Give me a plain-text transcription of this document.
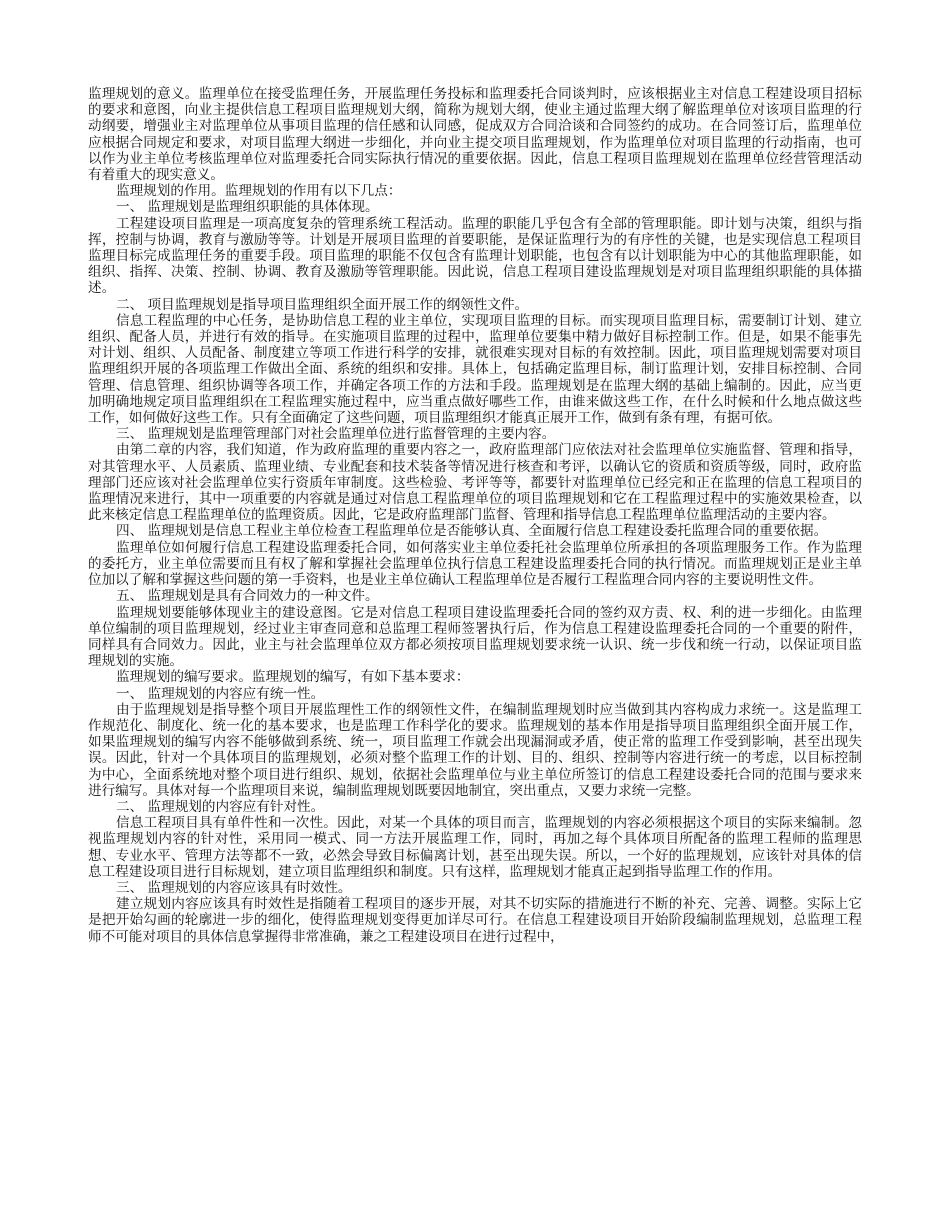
监理规划的意义。监理单位在接受监理任务，开展监理任务投标和监理委托合同谈判时，应该根据业主对信息工程建设项目招标的要求和意图，向业主提供信息工程项目监理规划大纲，简称为规划大纲，使业主通过监理大纲了解监理单位对该项目监理的行动纲要，增强业主对监理单位从事项目监理的信任感和认同感，促成双方合同洽谈和合同签约的成功。在合同签订后，监理单位应根据合同规定和要求，对项目监理大纲进一步细化，并向业主提交项目监理规划，作为监理单位对项目监理的行动指南，也可以作为业主单位考核监理单位对监理委托合同实际执行情况的重要依据。因此，信息工程项目监理规划在监理单位经营管理活动有着重大的现实意义。

监理规划的作用。监理规划的作用有以下几点：

一、 监理规划是监理组织职能的具体体现。

工程建设项目监理是一项高度复杂的管理系统工程活动。监理的职能几乎包含有全部的管理职能。即计划与决策，组织与指挥，控制与协调，教育与激励等等。计划是开展项目监理的首要职能，是保证监理行为的有序性的关键，也是实现信息工程项目监理目标完成监理任务的重要手段。项目监理的职能不仅包含有监理计划职能，也包含有以计划职能为中心的其他监理职能，如组织、指挥、决策、控制、协调、教育及激励等管理职能。因此说，信息工程项目建设监理规划是对项目监理组织职能的具体描述。

二、 项目监理规划是指导项目监理组织全面开展工作的纲领性文件。

信息工程监理的中心任务，是协助信息工程的业主单位，实现项目监理的目标。而实现项目监理目标，需要制订计划、建立组织、配备人员，并进行有效的指导。在实施项目监理的过程中，监理单位要集中精力做好目标控制工作。但是，如果不能事先对计划、组织、人员配备、制度建立等项工作进行科学的安排，就很难实现对目标的有效控制。因此，项目监理规划需要对项目监理组织开展的各项监理工作做出全面、系统的组织和安排。具体上，包括确定监理目标，制订监理计划，安排目标控制、合同管理、信息管理、组织协调等各项工作，并确定各项工作的方法和手段。监理规划是在监理大纲的基础上编制的。因此，应当更加明确地规定项目监理组织在工程监理实施过程中，应当重点做好哪些工作，由谁来做这些工作，在什么时候和什么地点做这些工作，如何做好这些工作。只有全面确定了这些问题，项目监理组织才能真正展开工作，做到有条有理，有据可依。

三、 监理规划是监理管理部门对社会监理单位进行监督管理的主要内容。

由第二章的内容，我们知道，作为政府监理的重要内容之一，政府监理部门应依法对社会监理单位实施监督、管理和指导，对其管理水平、人员素质、监理业绩、专业配套和技术装备等情况进行核查和考评，以确认它的资质和资质等级，同时，政府监理部门还应该对社会监理单位实行资质年审制度。这些检验、考评等等，都要针对监理单位已经完和正在监理的信息工程项目的监理情况来进行，其中一项重要的内容就是通过对信息工程监理单位的项目监理规划和它在工程监理过程中的实施效果检查，以此来核定信息工程监理单位的监理资质。因此，它是政府监理部门监督、管理和指导信息工程监理单位监理活动的主要内容。

四、 监理规划是信息工程业主单位检查工程监理单位是否能够认真、全面履行信息工程建设委托监理合同的重要依据。

监理单位如何履行信息工程建设监理委托合同，如何落实业主单位委托社会监理单位所承担的各项监理服务工作。作为监理的委托方，业主单位需要而且有权了解和掌握社会监理单位执行信息工程建设监理委托合同的执行情况。而监理规划正是业主单位加以了解和掌握这些问题的第一手资料，也是业主单位确认工程监理单位是否履行工程监理合同内容的主要说明性文件。

五、 监理规划是具有合同效力的一种文件。

监理规划要能够体现业主的建设意图。它是对信息工程项目建设监理委托合同的签约双方责、权、利的进一步细化。由监理单位编制的项目监理规划，经过业主审查同意和总监理工程师签署执行后，作为信息工程建设监理委托合同的一个重要的附件，同样具有合同效力。因此，业主与社会监理单位双方都必须按项目监理规划要求统一认识、统一步伐和统一行动，以保证项目监理规划的实施。

监理规划的编写要求。监理规划的编写，有如下基本要求：

一、 监理规划的内容应有统一性。

由于监理规划是指导整个项目开展监理性工作的纲领性文件，在编制监理规划时应当做到其内容构成力求统一。这是监理工作规范化、制度化、统一化的基本要求，也是监理工作科学化的要求。监理规划的基本作用是指导项目监理组织全面开展工作，如果监理规划的编写内容不能够做到系统、统一，项目监理工作就会出现漏洞或矛盾，使正常的监理工作受到影响，甚至出现失误。因此，针对一个具体项目的监理规划，必须对整个监理工作的计划、目的、组织、控制等内容进行统一的考虑，以目标控制为中心，全面系统地对整个项目进行组织、规划，依据社会监理单位与业主单位所签订的信息工程建设委托合同的范围与要求来进行编写。具体对每一个监理项目来说，编制监理规划既要因地制宜，突出重点，又要力求统一完整。

二、 监理规划的内容应有针对性。

信息工程项目具有单件性和一次性。因此，对某一个具体的项目而言，监理规划的内容必须根据这个项目的实际来编制。忽视监理规划内容的针对性，采用同一模式、同一方法开展监理工作，同时，再加之每个具体项目所配备的监理工程师的监理思想、专业水平、管理方法等都不一致，必然会导致目标偏离计划，甚至出现失误。所以，一个好的监理规划，应该针对具体的信息工程建设项目进行目标规划，建立项目监理组织和制度。只有这样，监理规划才能真正起到指导监理工作的作用。

三、 监理规划的内容应该具有时效性。

建立规划内容应该具有时效性是指随着工程项目的逐步开展，对其不切实际的措施进行不断的补充、完善、调整。实际上它是把开始勾画的轮廓进一步的细化，使得监理规划变得更加详尽可行。在信息工程建设项目开始阶段编制监理规划，总监理工程师不可能对项目的具体信息掌握得非常准确，兼之工程建设项目在进行过程中，
